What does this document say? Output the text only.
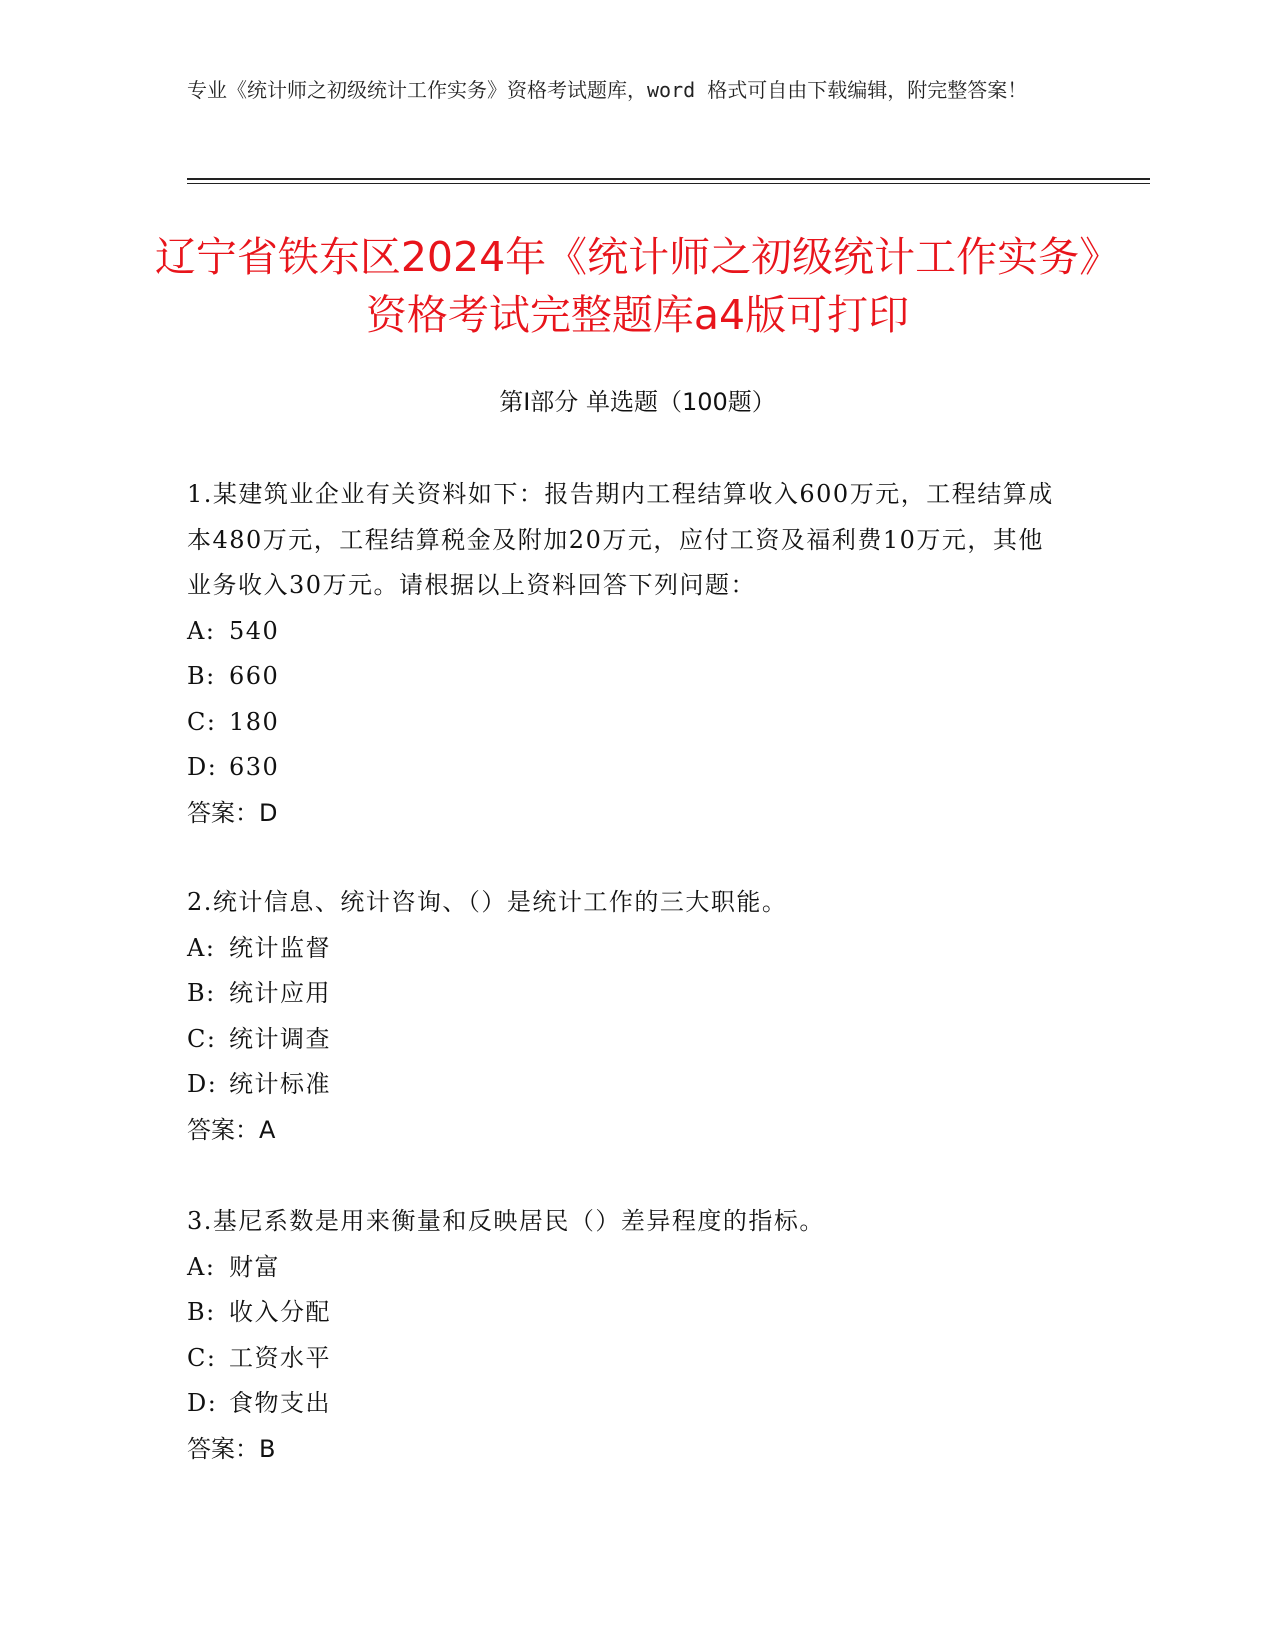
专业《统计师之初级统计工作实务》资格考试题库，word 格式可自由下载编辑，附完整答案！
辽宁省铁东区2024年《统计师之初级统计工作实务》资格考试完整题库a4版可打印
第Ⅰ部分 单选题（100题）

1.某建筑业企业有关资料如下：报告期内工程结算收入600万元，工程结算成本480万元，工程结算税金及附加20万元，应付工资及福利费10万元，其他业务收入30万元。请根据以上资料回答下列问题：

A: 540

B: 660

C: 180

D: 630

答案：D

2.统计信息、统计咨询、（）是统计工作的三大职能。

A: 统计监督

B: 统计应用

C: 统计调查

D: 统计标准

答案：A

3.基尼系数是用来衡量和反映居民（）差异程度的指标。

A: 财富

B: 收入分配

C: 工资水平

D: 食物支出

答案：B
